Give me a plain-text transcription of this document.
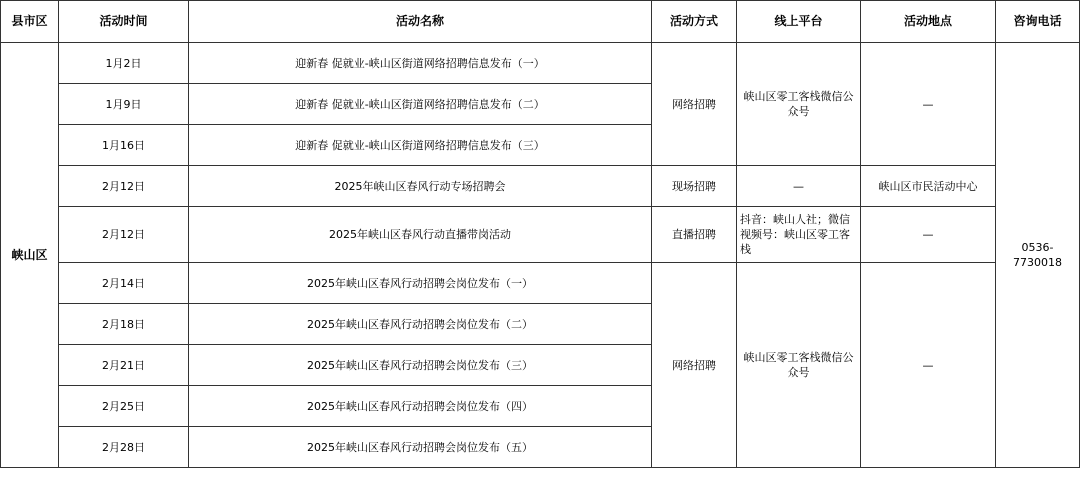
县市区	活动时间	活动名称	活动方式	线上平台	活动地点	咨询电话
峡山区	1月2日	迎新春 促就业-峡山区街道网络招聘信息发布（一）	网络招聘	峡山区零工客栈微信公众号	—	0536-7730018
	1月9日	迎新春 促就业-峡山区街道网络招聘信息发布（二）				
	1月16日	迎新春 促就业-峡山区街道网络招聘信息发布（三）				
	2月12日	2025年峡山区春风行动专场招聘会	现场招聘	—	峡山区市民活动中心	
	2月12日	2025年峡山区春风行动直播带岗活动	直播招聘	抖音：峡山人社；微信视频号：峡山区零工客栈	—	
	2月14日	2025年峡山区春风行动招聘会岗位发布（一）	网络招聘	峡山区零工客栈微信公众号	—	
	2月18日	2025年峡山区春风行动招聘会岗位发布（二）				
	2月21日	2025年峡山区春风行动招聘会岗位发布（三）				
	2月25日	2025年峡山区春风行动招聘会岗位发布（四）				
	2月28日	2025年峡山区春风行动招聘会岗位发布（五）				
